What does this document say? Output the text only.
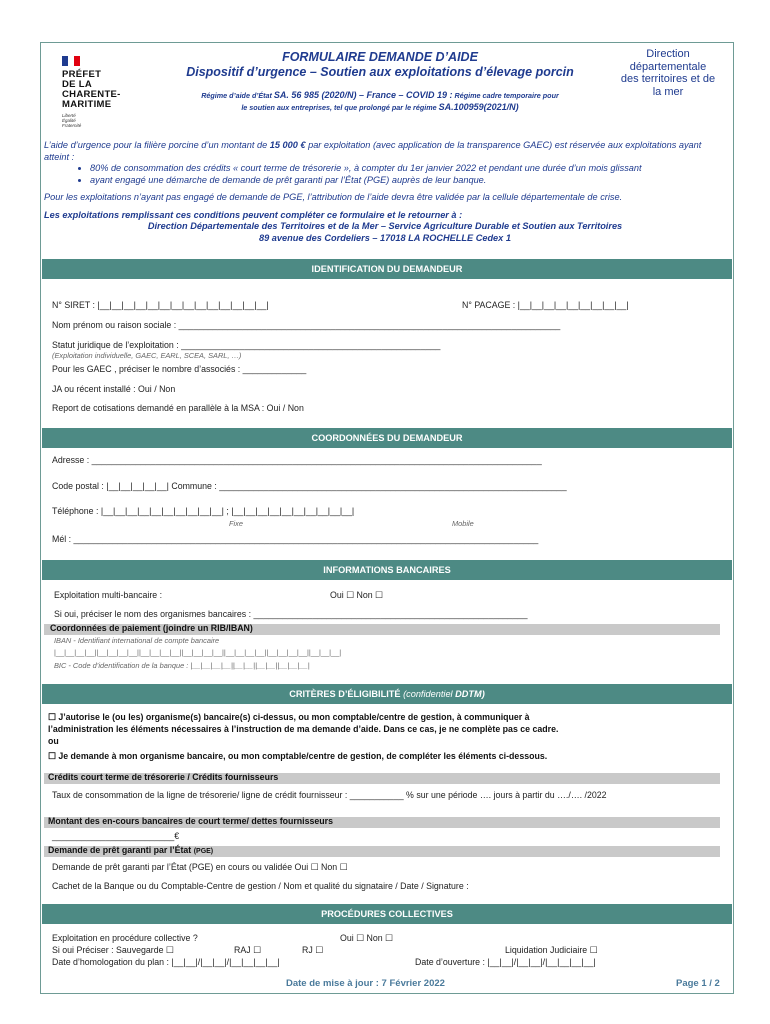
PRÉFET
DE LA
CHARENTE-
MARITIME
Liberté
Égalité
Fraternité
FORMULAIRE DEMANDE D’AIDE
Dispositif d’urgence – Soutien aux exploitations d’élevage porcin
Régime d’aide d’État SA. 56 985 (2020/N) – France – COVID 19 : Régime cadre temporaire pour
le soutien aux entreprises, tel que prolongé par le régime SA.100959(2021/N)
Direction
départementale
des territoires et de
la mer
L’aide d’urgence pour la filière porcine d’un montant de 15 000 € par exploitation (avec application de la transparence GAEC) est réservée aux exploitations ayant atteint :
• 80% de consommation des crédits « court terme de trésorerie », à compter du 1er janvier 2022 et pendant une durée d’un mois glissant
• ayant engagé une démarche de demande de prêt garanti par l’État (PGE) auprès de leur banque.
Pour les exploitations n’ayant pas engagé de demande de PGE, l’attribution de l’aide devra être validée par la cellule départementale de crise.
Les exploitations remplissant ces conditions peuvent compléter ce formulaire et le retourner à :
Direction Départementale des Territoires et de la Mer – Service Agriculture Durable et Soutien aux Territoires
89 avenue des Cordeliers – 17018 LA ROCHELLE Cedex 1
IDENTIFICATION DU DEMANDEUR
N° SIRET : |__|__|__|__|__|__|__|__|__|__|__|__|__|__|	N° PACAGE : |__|__|__|__|__|__|__|__|__|
Nom prénom ou raison sociale : ______________________________________________________________________________
Statut juridique de l’exploitation : _____________________________________________________
(Exploitation individuelle, GAEC, EARL, SCEA, SARL, …)
Pour les GAEC , préciser le nombre d’associés : _____________
JA ou récent installé : Oui / Non
Report de cotisations demandé en parallèle à la MSA : Oui / Non
COORDONNÉES DU DEMANDEUR
Adresse : ____________________________________________________________________________________________
Code postal : |__|__|__|__|__| Commune : _______________________________________________________________________
Téléphone : |__|__|__|__|__|__|__|__|__|__| ; |__|__|__|__|__|__|__|__|__|__|
Fixe	Mobile
Mél : _______________________________________________________________________________________________
INFORMATIONS BANCAIRES
Exploitation multi-bancaire :	Oui ☐ Non ☐
Si oui, préciser le nom des organismes bancaires : ________________________________________________________
Coordonnées de paiement (joindre un RIB/IBAN)
IBAN - Identifiant international de compte bancaire
|__|__|__|__||__|__|__|__||__|__|__|__||__|__|__|__||__|__|__|__||__|__|__|__||__|__|__|
BIC - Code d’identification de la banque : |__|__|__|__||__|__||__|__||__|__|__|
CRITÈRES D’ÉLIGIBILITÉ (confidentiel DDTM)
☐ J’autorise le (ou les) organisme(s) bancaire(s) ci-dessus, ou mon comptable/centre de gestion, à communiquer à
l’administration les éléments nécessaires à l’instruction de ma demande d’aide. Dans ce cas, je ne complète pas ce cadre.
ou
☐ Je demande à mon organisme bancaire, ou mon comptable/centre de gestion, de compléter les éléments ci-dessous.
Crédits court terme de trésorerie / Crédits fournisseurs
Taux de consommation de la ligne de trésorerie/ ligne de crédit fournisseur : ___________ % sur une période …. jours à partir du …./…. /2022
Montant des en-cours bancaires de court terme/ dettes fournisseurs
_________________________€
Demande de prêt garanti par l’État (PGE)
Demande de prêt garanti par l’État (PGE) en cours ou validée Oui ☐ Non ☐
Cachet de la Banque ou du Comptable-Centre de gestion / Nom et qualité du signataire / Date / Signature :
PROCÉDURES COLLECTIVES
Exploitation en procédure collective ?	Oui ☐ Non ☐
Si oui Préciser : Sauvegarde ☐	RAJ ☐	RJ ☐	Liquidation Judiciaire ☐
Date d’homologation du plan : |__|__|/|__|__|/|__|__|__|__|	Date d’ouverture : |__|__|/|__|__|/|__|__|__|__|
Date de mise à jour : 7 Février 2022	Page 1 / 2
